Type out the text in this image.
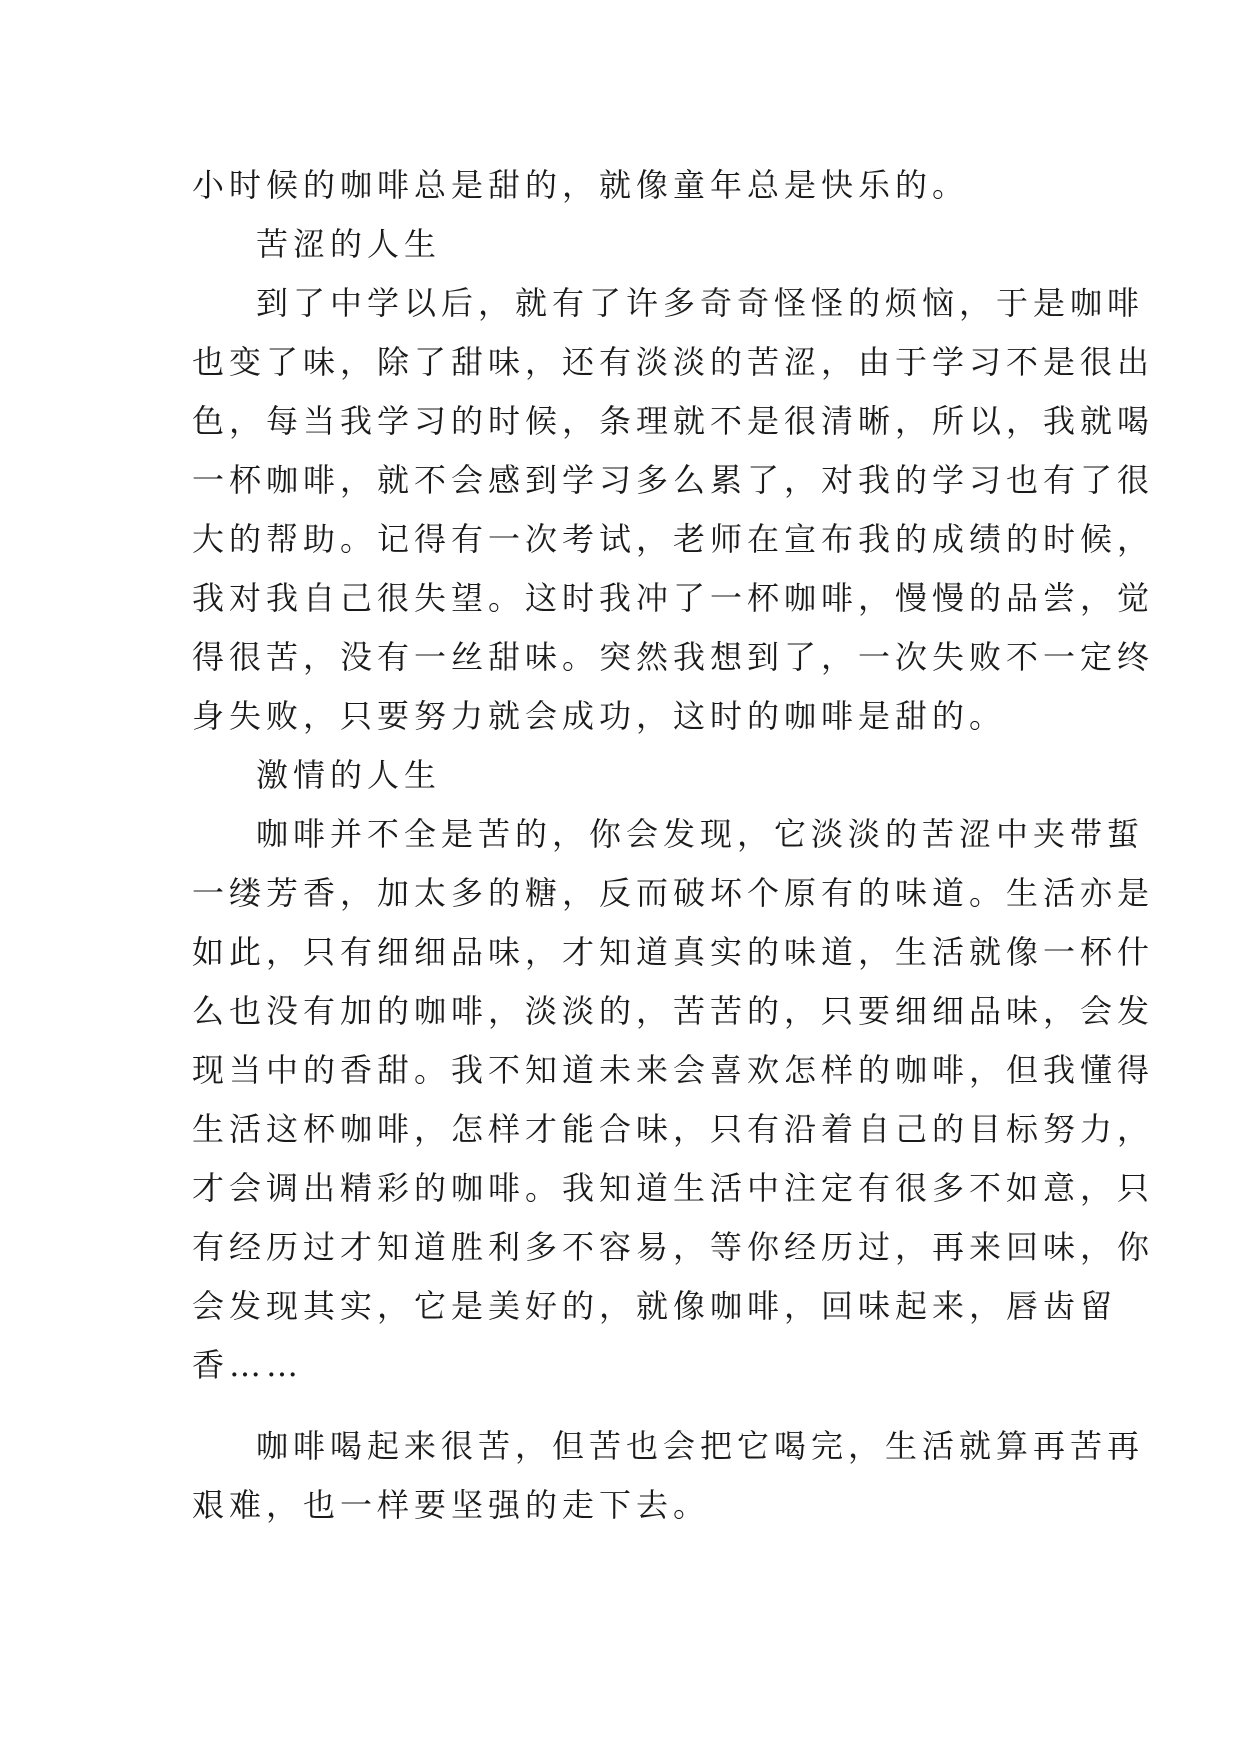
小时候的咖啡总是甜的，就像童年总是快乐的。
苦涩的人生
到了中学以后，就有了许多奇奇怪怪的烦恼，于是咖啡
也变了味，除了甜味，还有淡淡的苦涩，由于学习不是很出
色，每当我学习的时候，条理就不是很清晰，所以，我就喝
一杯咖啡，就不会感到学习多么累了，对我的学习也有了很
大的帮助。记得有一次考试，老师在宣布我的成绩的时候，
我对我自己很失望。这时我冲了一杯咖啡，慢慢的品尝，觉
得很苦，没有一丝甜味。突然我想到了，一次失败不一定终
身失败，只要努力就会成功，这时的咖啡是甜的。
激情的人生
咖啡并不全是苦的，你会发现，它淡淡的苦涩中夹带蜇
一缕芳香，加太多的糖，反而破坏个原有的味道。生活亦是
如此，只有细细品味，才知道真实的味道，生活就像一杯什
么也没有加的咖啡，淡淡的，苦苦的，只要细细品味，会发
现当中的香甜。我不知道未来会喜欢怎样的咖啡，但我懂得
生活这杯咖啡，怎样才能合味，只有沿着自己的目标努力，
才会调出精彩的咖啡。我知道生活中注定有很多不如意，只
有经历过才知道胜利多不容易，等你经历过，再来回味，你
会发现其实，它是美好的，就像咖啡，回味起来，唇齿留
香……
咖啡喝起来很苦，但苦也会把它喝完，生活就算再苦再
艰难，也一样要坚强的走下去。
